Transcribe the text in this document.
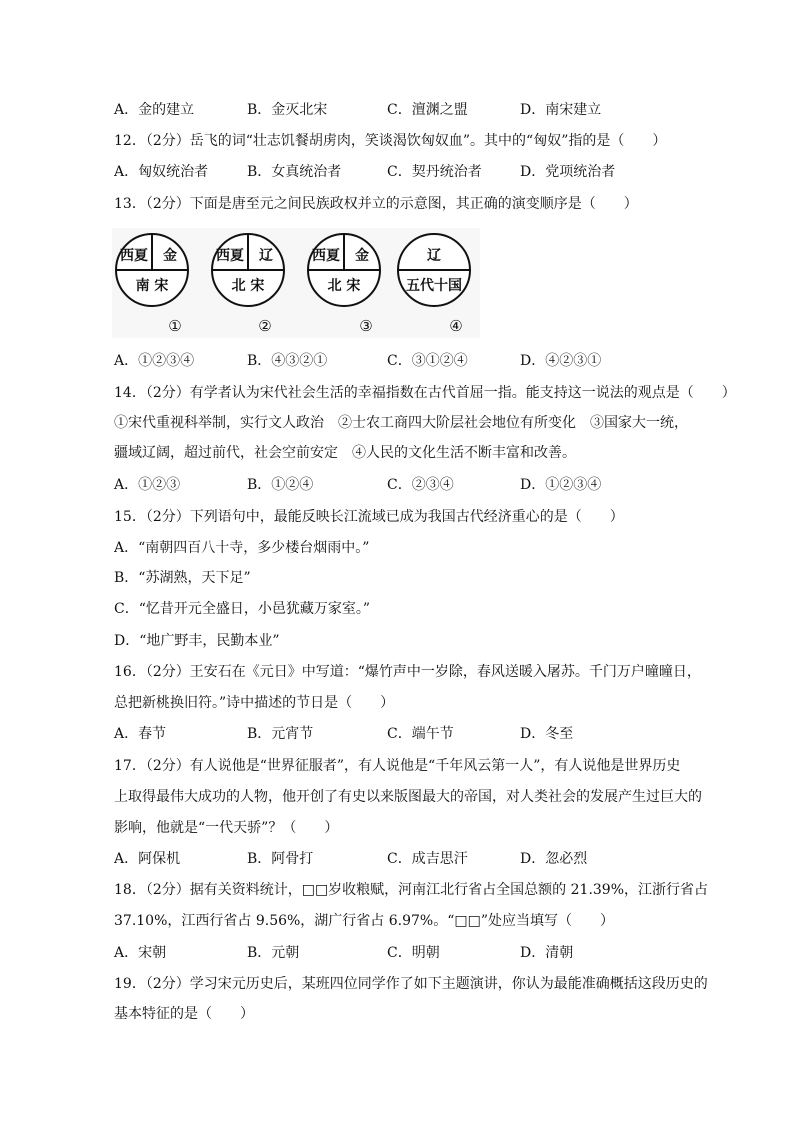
A．金的建立	B．金灭北宋	C．澶渊之盟	D．南宋建立
12．（2分）岳飞的词“壮志饥餐胡虏肉，笑谈渴饮匈奴血”。其中的“匈奴”指的是（　　）
A．匈奴统治者	B．女真统治者	C．契丹统治者	D．党项统治者
13．（2分）下面是唐至元之间民族政权并立的示意图，其正确的演变顺序是（　　）
西夏 金
南 宋
①
西夏 辽
北 宋
②
西夏 金
北 宋
③
辽
五代十国
④
A．①②③④	B．④③②①	C．③①②④	D．④②③①
14．（2分）有学者认为宋代社会生活的幸福指数在古代首屈一指。能支持这一说法的观点是（　　）
①宋代重视科举制，实行文人政治　②士农工商四大阶层社会地位有所变化　③国家大一统，
疆域辽阔，超过前代，社会空前安定　④人民的文化生活不断丰富和改善。
A．①②③	B．①②④	C．②③④	D．①②③④
15．（2分）下列语句中，最能反映长江流域已成为我国古代经济重心的是（　　）
A．“南朝四百八十寺，多少楼台烟雨中。”
B．“苏湖熟，天下足”
C．“忆昔开元全盛日，小邑犹藏万家室。”
D．“地广野丰，民勤本业”
16．（2分）王安石在《元日》中写道：“爆竹声中一岁除，春风送暖入屠苏。千门万户曈曈日，
总把新桃换旧符。”诗中描述的节日是（　　）
A．春节	B．元宵节	C．端午节	D．冬至
17．（2分）有人说他是“世界征服者”，有人说他是“千年风云第一人”，有人说他是世界历史
上取得最伟大成功的人物，他开创了有史以来版图最大的帝国，对人类社会的发展产生过巨大的
影响，他就是“一代天骄”？（　　）
A．阿保机	B．阿骨打	C．成吉思汗	D．忽必烈
18．（2分）据有关资料统计，□□岁收粮赋，河南江北行省占全国总额的 21.39%，江浙行省占
37.10%，江西行省占 9.56%，湖广行省占 6.97%。“□□”处应当填写（　　）
A．宋朝	B．元朝	C．明朝	D．清朝
19．（2分）学习宋元历史后，某班四位同学作了如下主题演讲，你认为最能准确概括这段历史的
基本特征的是（　　）
